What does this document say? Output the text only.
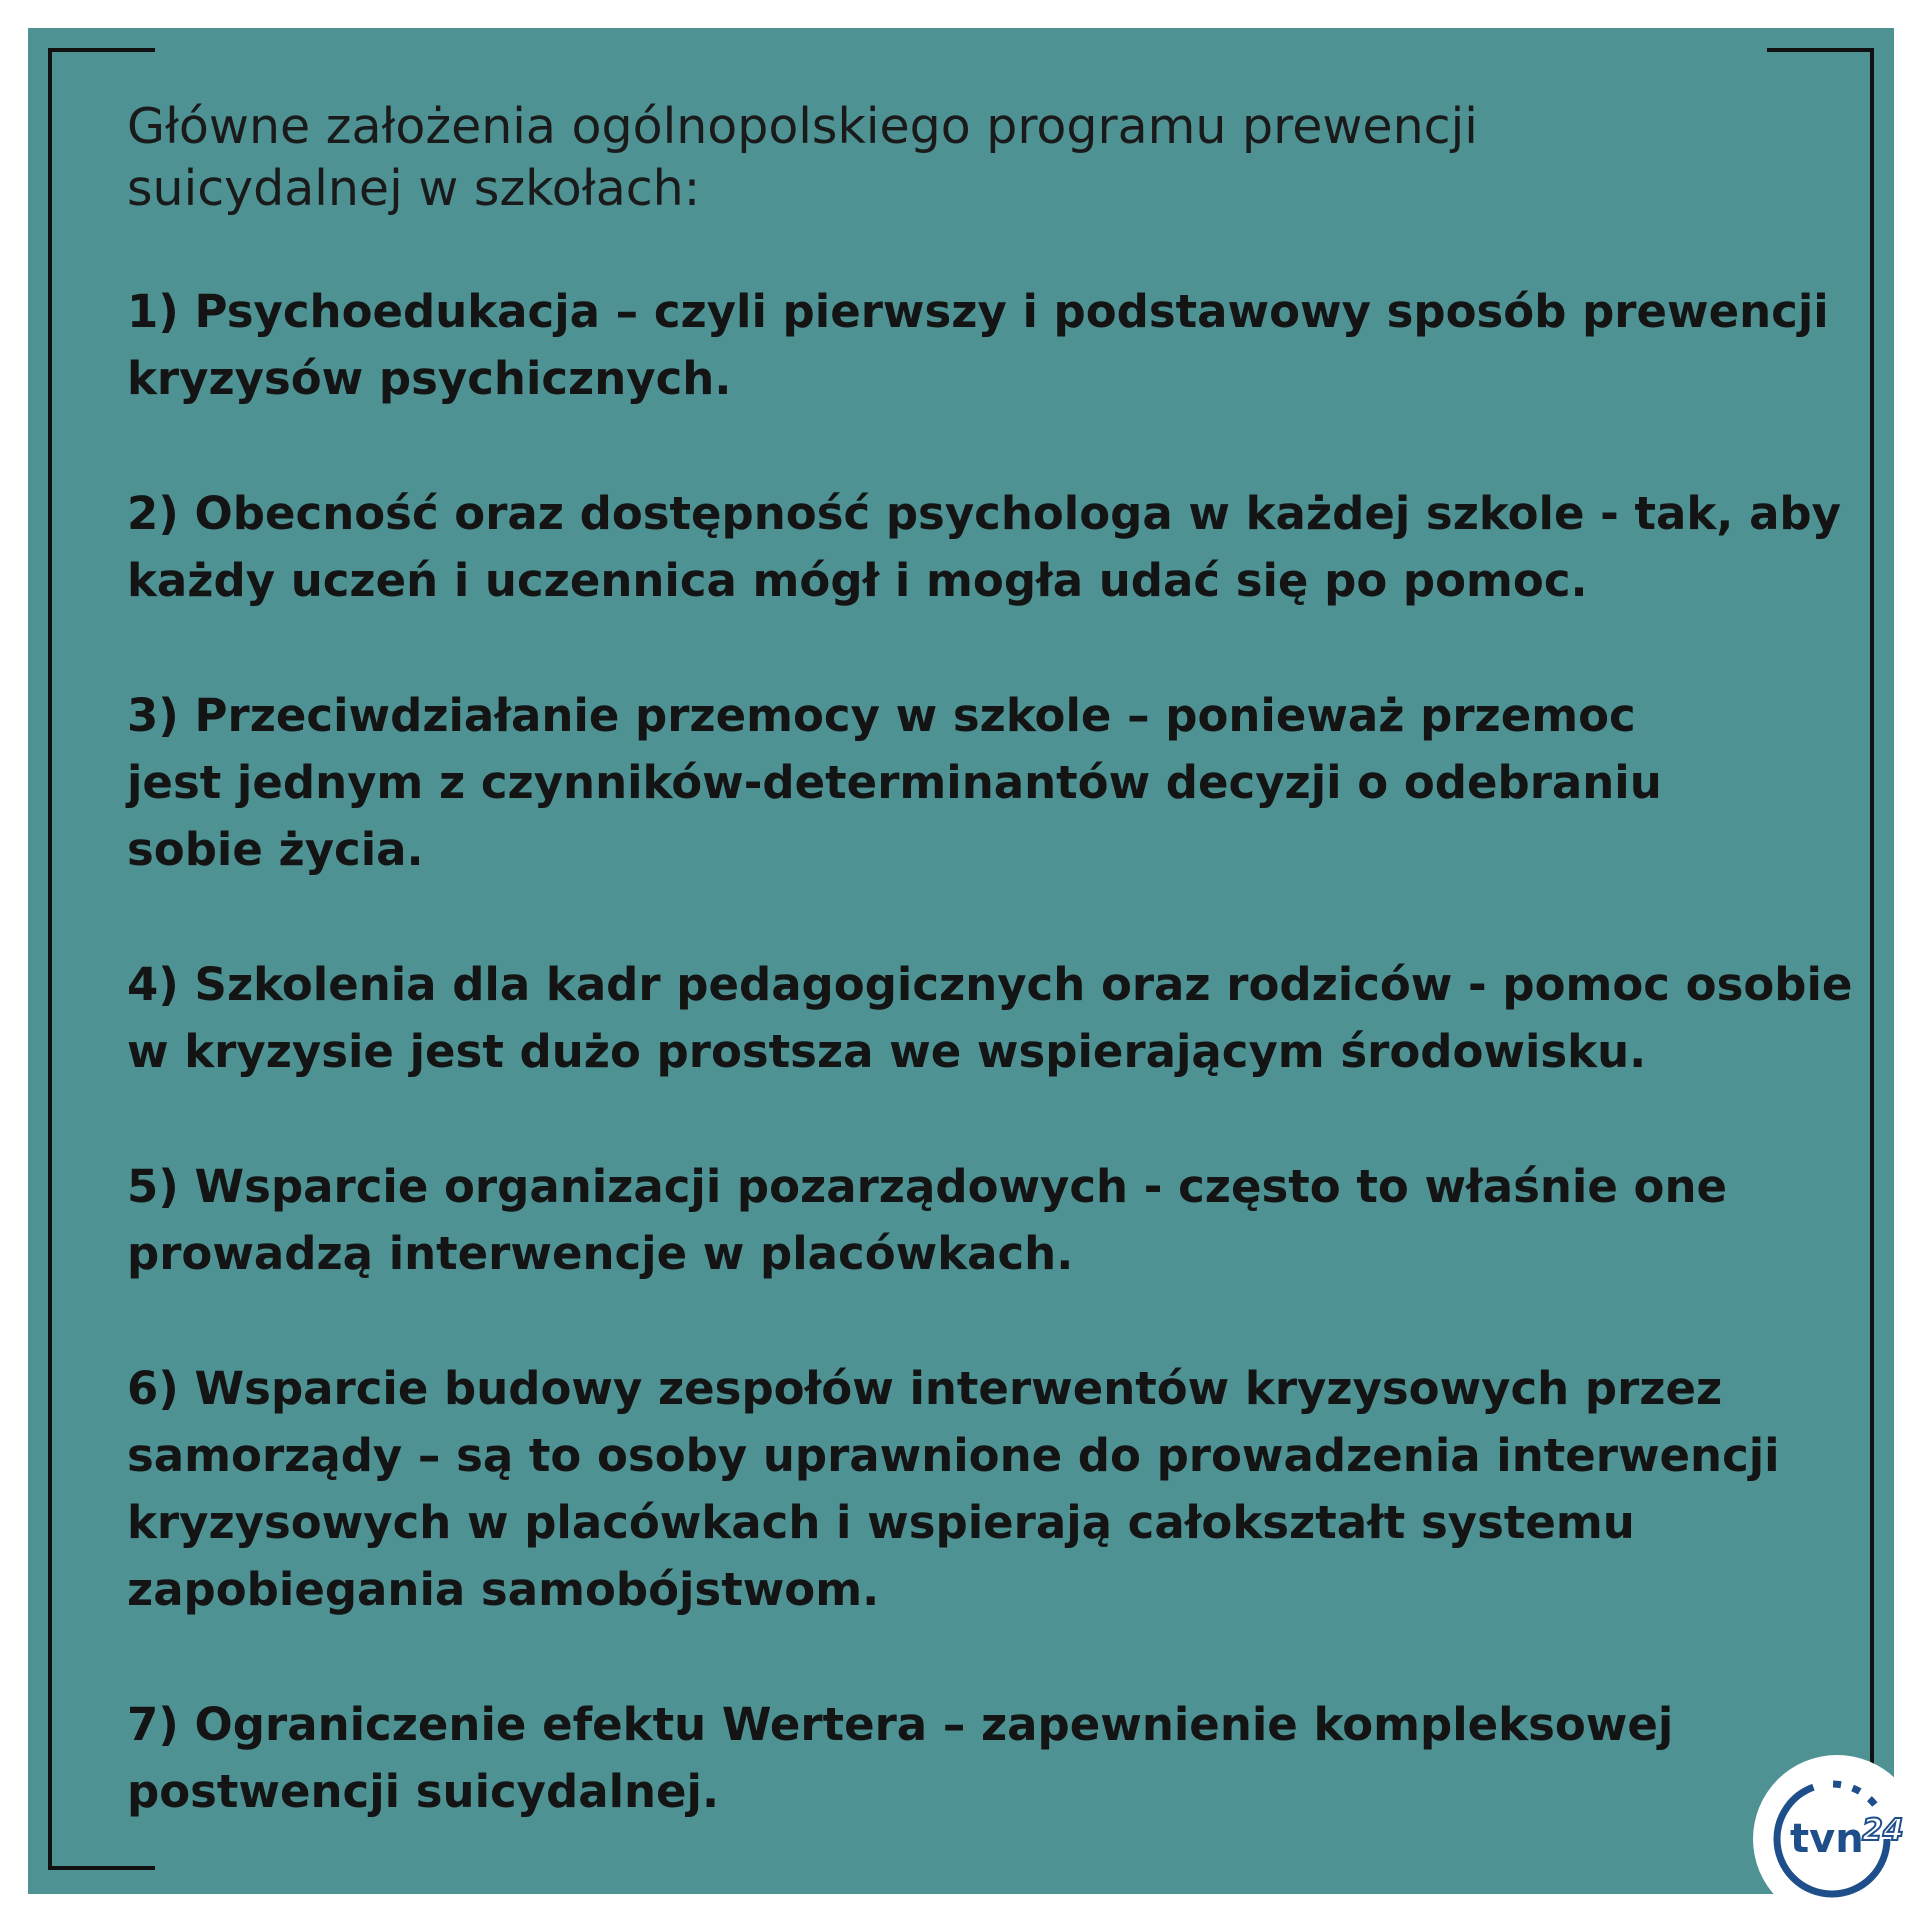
Główne założenia ogólnopolskiego programu prewencji
suicydalnej w szkołach:

1) Psychoedukacja – czyli pierwszy i podstawowy sposób prewencji
kryzysów psychicznych.

2) Obecność oraz dostępność psychologa w każdej szkole - tak, aby
każdy uczeń i uczennica mógł i mogła udać się po pomoc.

3) Przeciwdziałanie przemocy w szkole – ponieważ przemoc
jest jednym z czynników-determinantów decyzji o odebraniu
sobie życia.

4) Szkolenia dla kadr pedagogicznych oraz rodziców - pomoc osobie
w kryzysie jest dużo prostsza we wspierającym środowisku.

5) Wsparcie organizacji pozarządowych - często to właśnie one
prowadzą interwencje w placówkach.

6) Wsparcie budowy zespołów interwentów kryzysowych przez
samorządy – są to osoby uprawnione do prowadzenia interwencji
kryzysowych w placówkach i wspierają całokształt systemu
zapobiegania samobójstwom.

7) Ograniczenie efektu Wertera – zapewnienie kompleksowej
postwencji suicydalnej.

tvn
24
